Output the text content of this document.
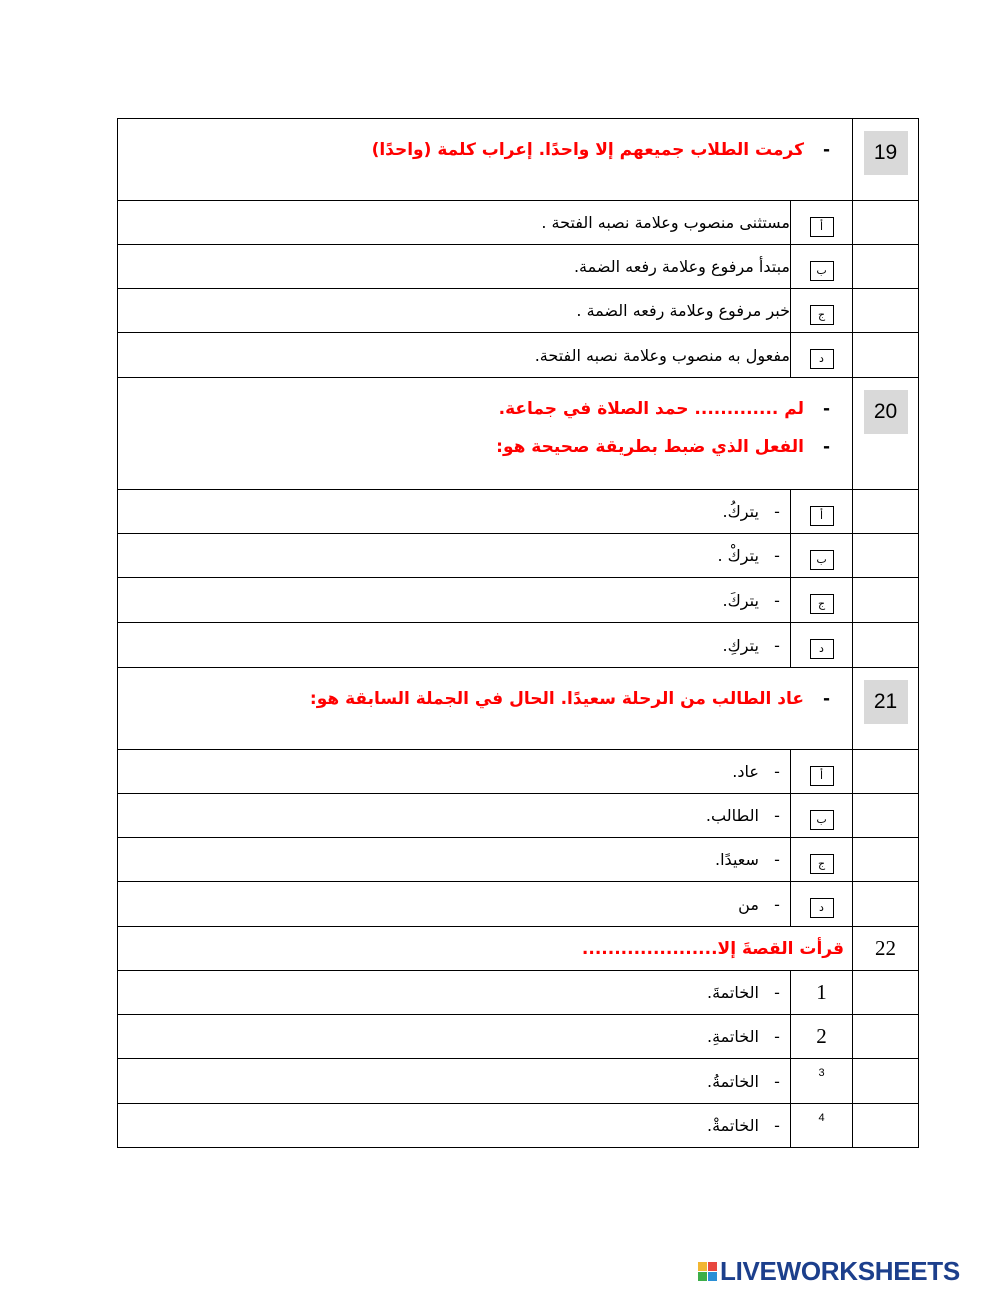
19	-كرمت الطلاب جميعهم إلا واحدًا. إعراب كلمة (واحدًا)	

	أ	مستثنى منصوب وعلامة نصبه الفتحة .
	ب	مبتدأ مرفوع وعلامة رفعه الضمة.
	ج	خبر مرفوع وعلامة رفعه الضمة .
	د	مفعول به منصوب وعلامة نصبه الفتحة.
20	-لم ............. حمد الصلاة في جماعة.
-الفعل الذي ضبط بطريقة صحيحة هو:	

	أ	- يتركُ.
	ب	- يتركْ .
	ج	- يتركَ.
	د	- يتركِ.
21	-عاد الطالب من الرحلة سعيدًا. الحال في الجملة السابقة هو:	

	أ	- عاد.
	ب	- الطالب.
	ج	- سعيدًا.
	د	- من
22	قرأت القصةَ إلا.....................	

	1	- الخاتمةَ.
	2	- الخاتمةِ.

	3	- الخاتمةُ.

	4	- الخاتمةْ.
LIVEWORKSHEETS
